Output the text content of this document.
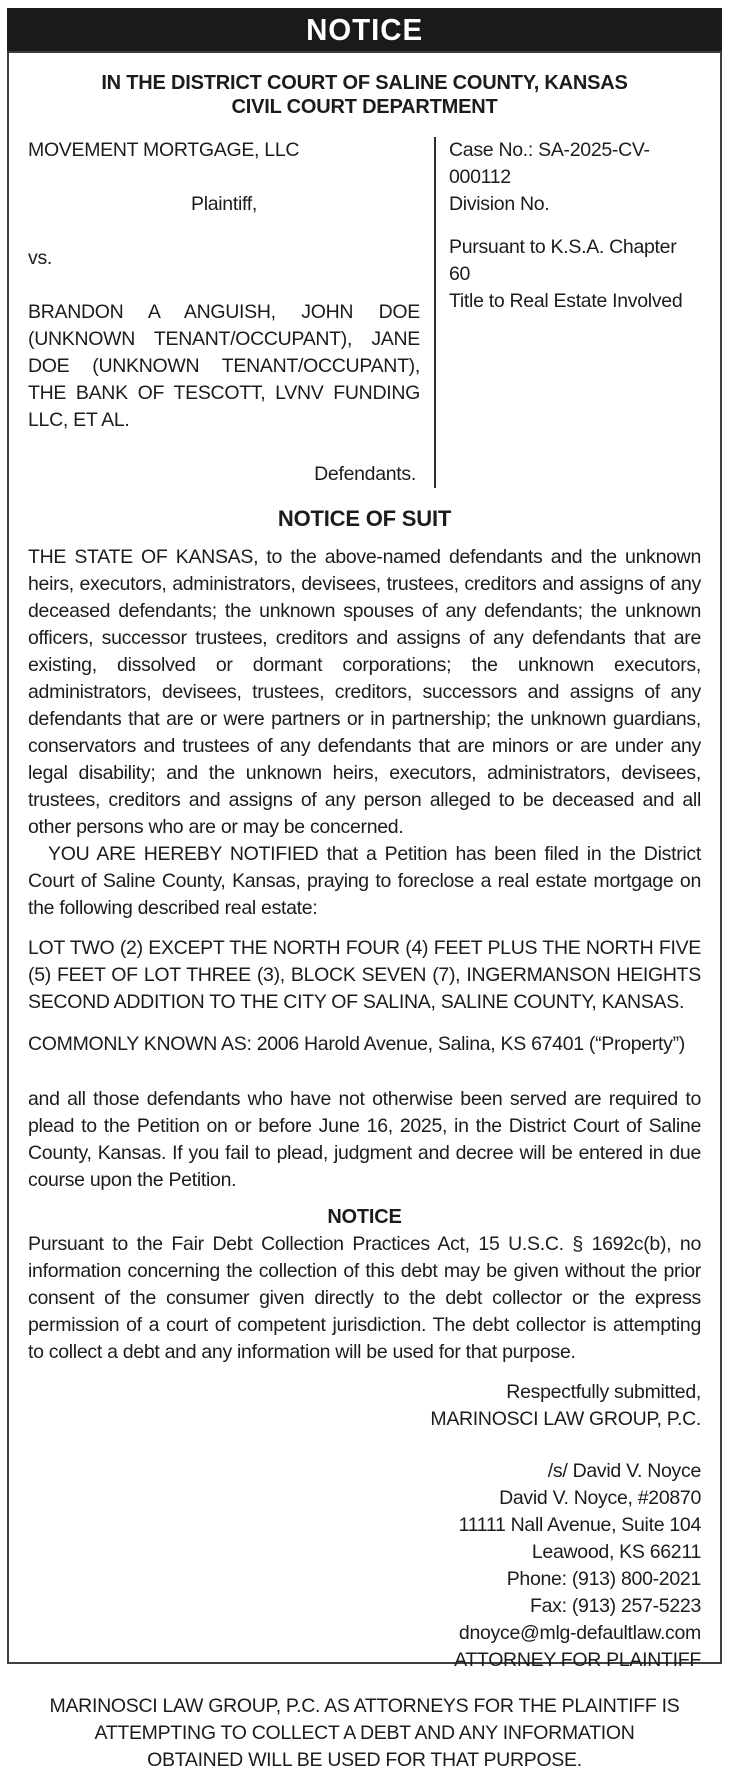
NOTICE
IN THE DISTRICT COURT OF SALINE COUNTY, KANSAS
CIVIL COURT DEPARTMENT
MOVEMENT MORTGAGE, LLC
Plaintiff,
vs.
BRANDON A ANGUISH, JOHN DOE (UNKNOWN TENANT/OCCUPANT), JANE DOE (UNKNOWN TENANT/OCCUPANT), THE BANK OF TESCOTT, LVNV FUNDING LLC, ET AL.
Defendants.
Case No.: SA-2025-CV-000112
Division No.
Pursuant to K.S.A. Chapter 60
Title to Real Estate Involved
NOTICE OF SUIT

THE STATE OF KANSAS, to the above-named defendants and the unknown heirs, executors, administrators, devisees, trustees, creditors and assigns of any deceased defendants; the unknown spouses of any defendants; the unknown officers, successor trustees, creditors and assigns of any defendants that are existing, dissolved or dormant corporations; the unknown executors, administrators, devisees, trustees, creditors, successors and assigns of any defendants that are or were partners or in partnership; the unknown guardians, conservators and trustees of any defendants that are minors or are under any legal disability; and the unknown heirs, executors, administrators, devisees, trustees, creditors and assigns of any person alleged to be deceased and all other persons who are or may be concerned.

YOU ARE HEREBY NOTIFIED that a Petition has been filed in the District Court of Saline County, Kansas, praying to foreclose a real estate mortgage on the following described real estate:

LOT TWO (2) EXCEPT THE NORTH FOUR (4) FEET PLUS THE NORTH FIVE (5) FEET OF LOT THREE (3), BLOCK SEVEN (7), INGERMANSON HEIGHTS SECOND ADDITION TO THE CITY OF SALINA, SALINE COUNTY, KANSAS.

COMMONLY KNOWN AS: 2006 Harold Avenue, Salina, KS 67401 (“Property”)

and all those defendants who have not otherwise been served are required to plead to the Petition on or before June 16, 2025, in the District Court of Saline County, Kansas. If you fail to plead, judgment and decree will be entered in due course upon the Petition.

NOTICE

Pursuant to the Fair Debt Collection Practices Act, 15 U.S.C. § 1692c(b), no information concerning the collection of this debt may be given without the prior consent of the consumer given directly to the debt collector or the express permission of a court of competent jurisdiction. The debt collector is attempting to collect a debt and any information will be used for that purpose.

Respectfully submitted,
MARINOSCI LAW GROUP, P.C.
/s/ David V. Noyce
David V. Noyce, #20870
11111 Nall Avenue, Suite 104
Leawood, KS 66211
Phone: (913) 800-2021
Fax: (913) 257-5223
dnoyce@mlg-defaultlaw.com
ATTORNEY FOR PLAINTIFF
MARINOSCI LAW GROUP, P.C. AS ATTORNEYS FOR THE PLAINTIFF IS ATTEMPTING TO COLLECT A DEBT AND ANY INFORMATION OBTAINED WILL BE USED FOR THAT PURPOSE.
